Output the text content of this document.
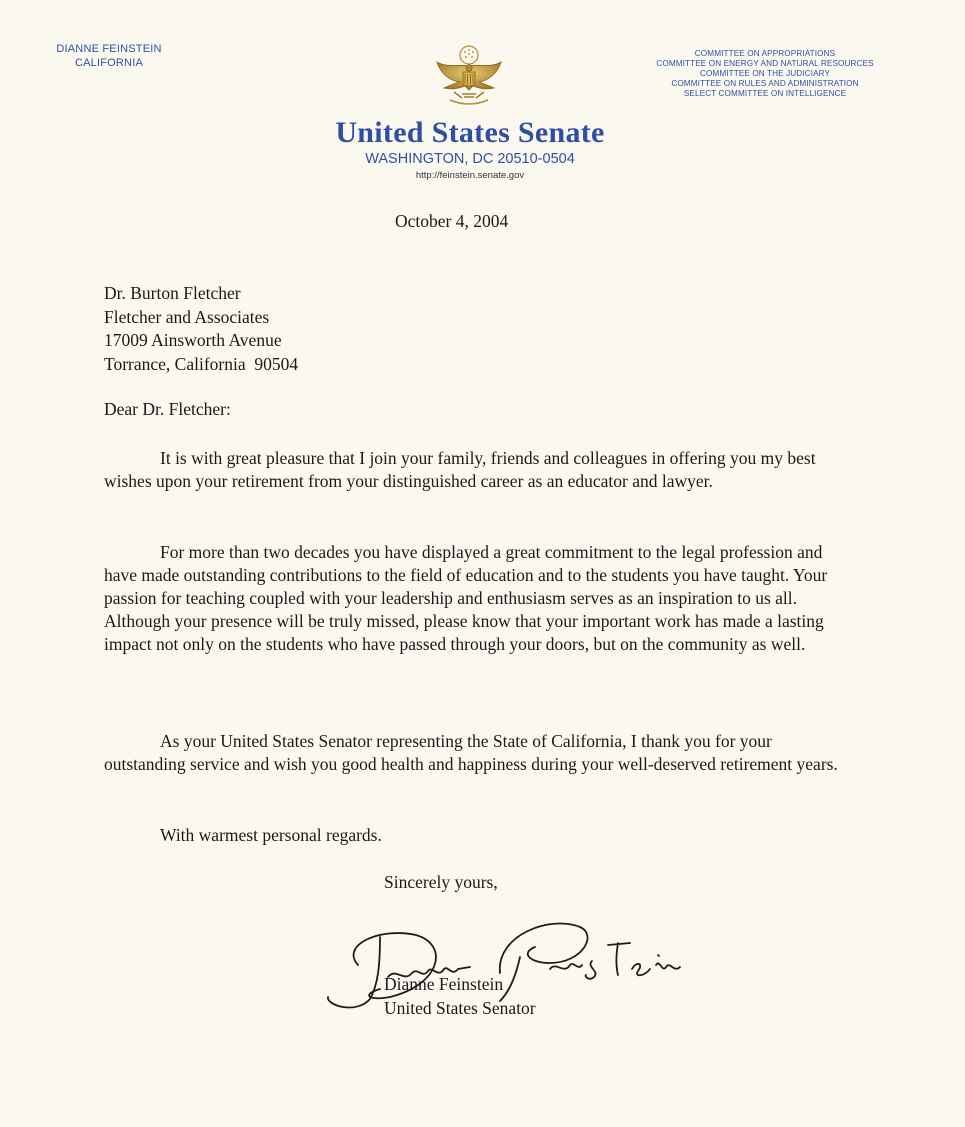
DIANNE FEINSTEIN
CALIFORNIA
COMMITTEE ON APPROPRIATIONS
COMMITTEE ON ENERGY AND NATURAL RESOURCES
COMMITTEE ON THE JUDICIARY
COMMITTEE ON RULES AND ADMINISTRATION
SELECT COMMITTEE ON INTELLIGENCE
United States Senate
WASHINGTON, DC 20510-0504
http://feinstein.senate.gov
October 4, 2004
Dr. Burton Fletcher
Fletcher and Associates
17009 Ainsworth Avenue
Torrance, California  90504
Dear Dr. Fletcher:

It is with great pleasure that I join your family, friends and colleagues in offering you my best wishes upon your retirement from your distinguished career as an educator and lawyer.

For more than two decades you have displayed a great commitment to the legal profession and have made outstanding contributions to the field of education and to the students you have taught. Your passion for teaching coupled with your leadership and enthusiasm serves as an inspiration to us all. Although your presence will be truly missed, please know that your important work has made a lasting impact not only on the students who have passed through your doors, but on the community as well.

As your United States Senator representing the State of California, I thank you for your outstanding service and wish you good health and happiness during your well-deserved retirement years.

With warmest personal regards.
Sincerely yours,
Dianne Feinstein
United States Senator
